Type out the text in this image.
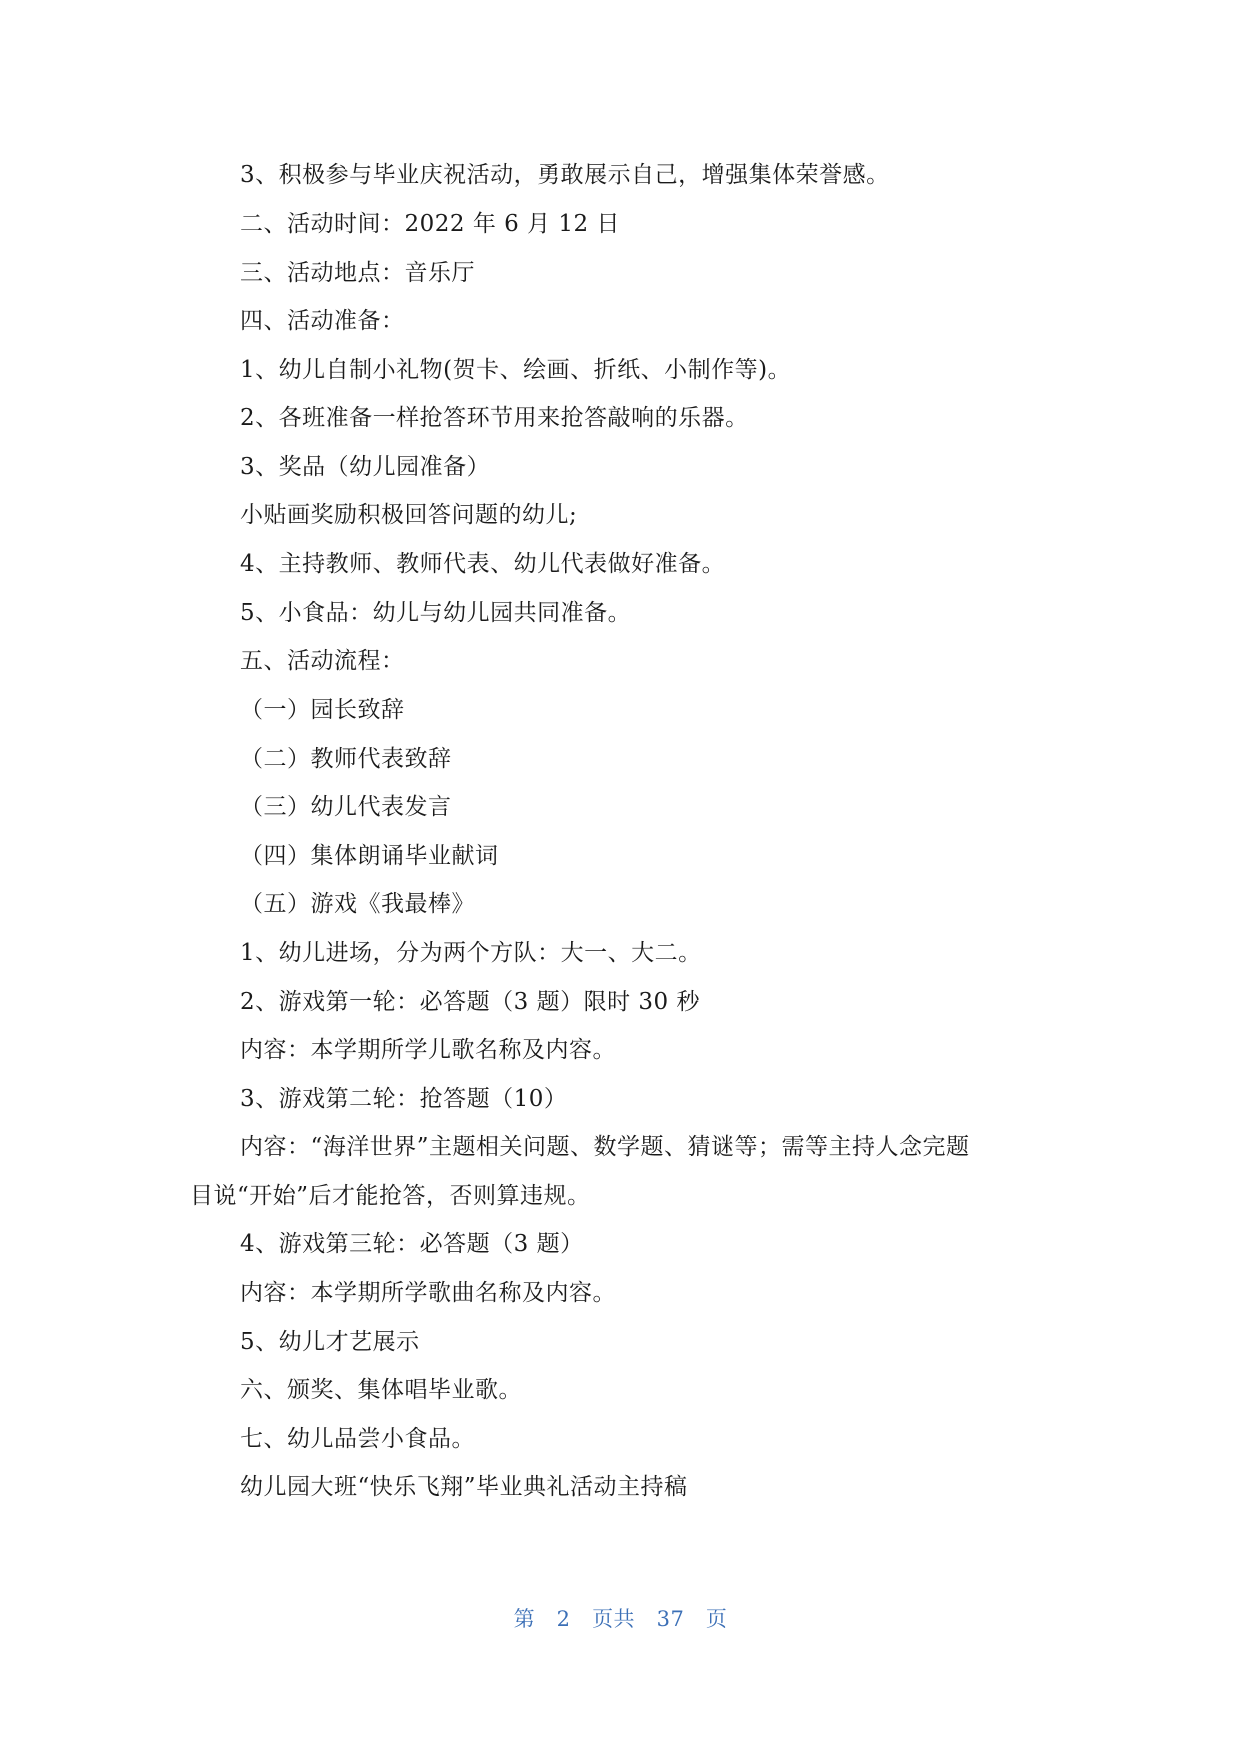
3、积极参与毕业庆祝活动，勇敢展示自己，增强集体荣誉感。
二、活动时间：2022 年 6 月 12 日
三、活动地点：音乐厅
四、活动准备：
1、幼儿自制小礼物(贺卡、绘画、折纸、小制作等)。
2、各班准备一样抢答环节用来抢答敲响的乐器。
3、奖品（幼儿园准备）
小贴画奖励积极回答问题的幼儿;
4、主持教师、教师代表、幼儿代表做好准备。
5、小食品：幼儿与幼儿园共同准备。
五、活动流程：
（一）园长致辞
（二）教师代表致辞
（三）幼儿代表发言
（四）集体朗诵毕业献词
（五）游戏《我最棒》
1、幼儿进场，分为两个方队：大一、大二。
2、游戏第一轮：必答题（3 题）限时 30 秒
内容：本学期所学儿歌名称及内容。
3、游戏第二轮：抢答题（10）
内容：“海洋世界”主题相关问题、数学题、猜谜等；需等主持人念完题
目说“开始”后才能抢答，否则算违规。
4、游戏第三轮：必答题（3 题）
内容：本学期所学歌曲名称及内容。
5、幼儿才艺展示
六、颁奖、集体唱毕业歌。
七、幼儿品尝小食品。
幼儿园大班“快乐飞翔”毕业典礼活动主持稿
第 2 页共 37 页
